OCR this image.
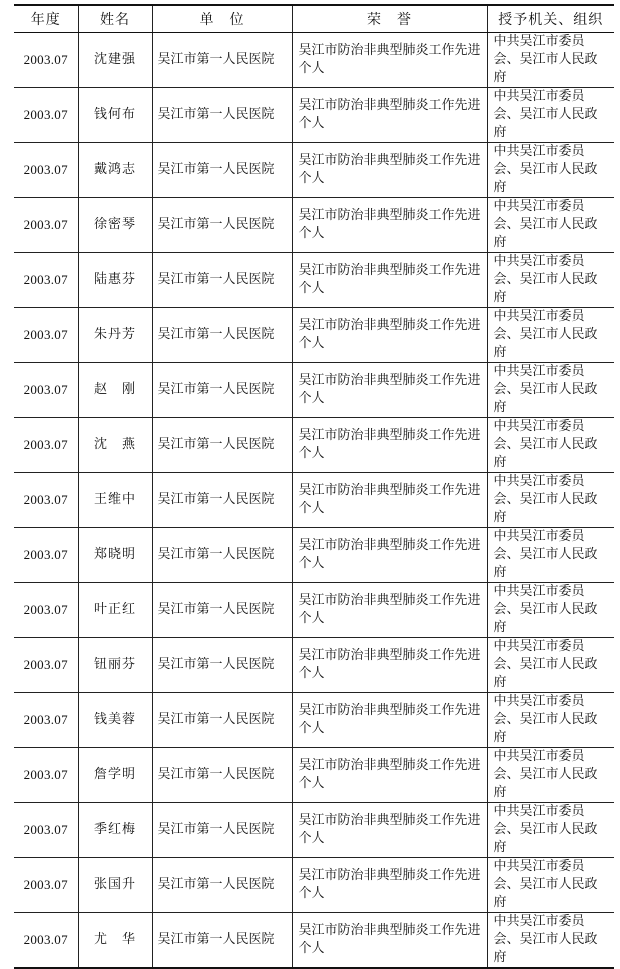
年度	姓名	单　位	荣　誉	授予机关、组织
2003.07	沈建强	吴江市第一人民医院	吴江市防治非典型肺炎工作先进个人	中共吴江市委员会、吴江市人民政府

2003.07	钱何布	吴江市第一人民医院	吴江市防治非典型肺炎工作先进个人	中共吴江市委员会、吴江市人民政府

2003.07	戴鸿志	吴江市第一人民医院	吴江市防治非典型肺炎工作先进个人	中共吴江市委员会、吴江市人民政府

2003.07	徐密琴	吴江市第一人民医院	吴江市防治非典型肺炎工作先进个人	中共吴江市委员会、吴江市人民政府

2003.07	陆惠芬	吴江市第一人民医院	吴江市防治非典型肺炎工作先进个人	中共吴江市委员会、吴江市人民政府

2003.07	朱丹芳	吴江市第一人民医院	吴江市防治非典型肺炎工作先进个人	中共吴江市委员会、吴江市人民政府

2003.07	赵　刚	吴江市第一人民医院	吴江市防治非典型肺炎工作先进个人	中共吴江市委员会、吴江市人民政府

2003.07	沈　燕	吴江市第一人民医院	吴江市防治非典型肺炎工作先进个人	中共吴江市委员会、吴江市人民政府

2003.07	王维中	吴江市第一人民医院	吴江市防治非典型肺炎工作先进个人	中共吴江市委员会、吴江市人民政府

2003.07	郑晓明	吴江市第一人民医院	吴江市防治非典型肺炎工作先进个人	中共吴江市委员会、吴江市人民政府

2003.07	叶正红	吴江市第一人民医院	吴江市防治非典型肺炎工作先进个人	中共吴江市委员会、吴江市人民政府

2003.07	钮丽芬	吴江市第一人民医院	吴江市防治非典型肺炎工作先进个人	中共吴江市委员会、吴江市人民政府

2003.07	钱美蓉	吴江市第一人民医院	吴江市防治非典型肺炎工作先进个人	中共吴江市委员会、吴江市人民政府

2003.07	詹学明	吴江市第一人民医院	吴江市防治非典型肺炎工作先进个人	中共吴江市委员会、吴江市人民政府

2003.07	季红梅	吴江市第一人民医院	吴江市防治非典型肺炎工作先进个人	中共吴江市委员会、吴江市人民政府

2003.07	张国升	吴江市第一人民医院	吴江市防治非典型肺炎工作先进个人	中共吴江市委员会、吴江市人民政府

2003.07	尤　华	吴江市第一人民医院	吴江市防治非典型肺炎工作先进个人	中共吴江市委员会、吴江市人民政府
